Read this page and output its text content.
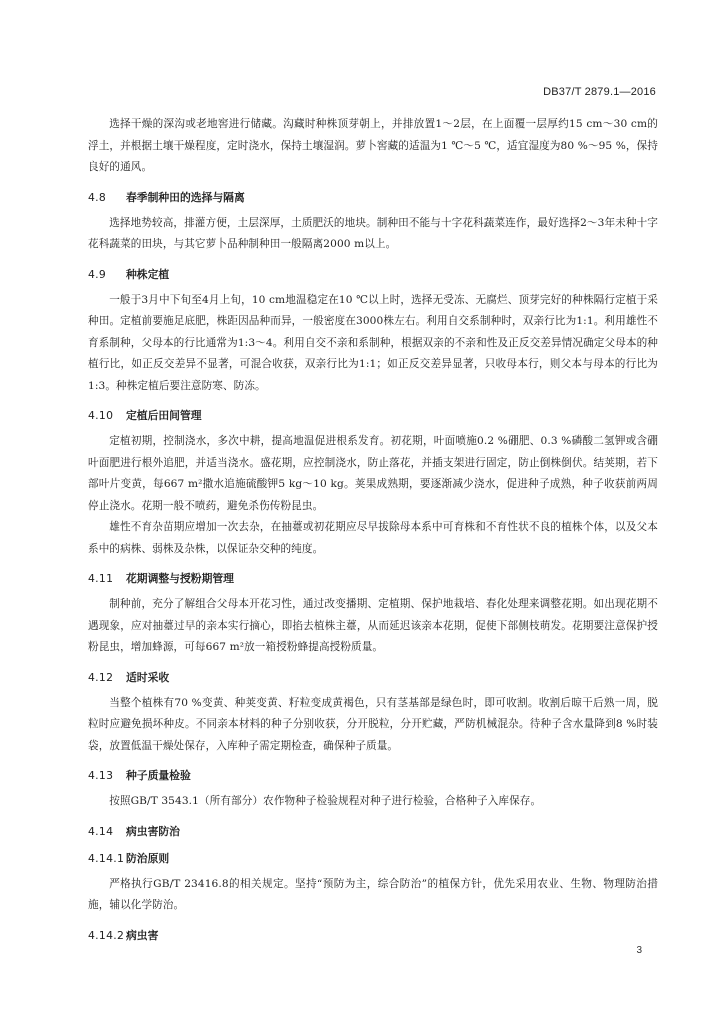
DB37/T 2879.1—2016

选择干燥的深沟或老地窖进行储藏。沟藏时种株顶芽朝上，并排放置1～2层，在上面覆一层厚约15 cm～30 cm的浮土，并根据土壤干燥程度，定时浇水，保持土壤湿润。萝卜窖藏的适温为1 ℃～5 ℃，适宜湿度为80 %～95 %，保持良好的通风。

4.8 春季制种田的选择与隔离

选择地势较高，排灌方便，土层深厚，土质肥沃的地块。制种田不能与十字花科蔬菜连作，最好选择2～3年未种十字花科蔬菜的田块，与其它萝卜品种制种田一般隔离2000 m以上。

4.9 种株定植

一般于3月中下旬至4月上旬，10 cm地温稳定在10 ℃以上时，选择无受冻、无腐烂、顶芽完好的种株隔行定植于采种田。定植前要施足底肥，株距因品种而异，一般密度在3000株左右。利用自交系制种时，双亲行比为1:1。利用雄性不育系制种，父母本的行比通常为1:3～4。利用自交不亲和系制种，根据双亲的不亲和性及正反交差异情况确定父母本的种植行比，如正反交差异不显著，可混合收获，双亲行比为1:1；如正反交差异显著，只收母本行，则父本与母本的行比为1:3。种株定植后要注意防寒、防冻。

4.10 定植后田间管理

定植初期，控制浇水，多次中耕，提高地温促进根系发育。初花期，叶面喷施0.2 %硼肥、0.3 %磷酸二氢钾或含硼叶面肥进行根外追肥，并适当浇水。盛花期，应控制浇水，防止落花，并插支架进行固定，防止倒株倒伏。结荚期，若下部叶片变黄，每667 m²撒水追施硫酸钾5 kg～10 kg。荚果成熟期，要逐渐减少浇水，促进种子成熟，种子收获前两周停止浇水。花期一般不喷药，避免杀伤传粉昆虫。

雄性不育杂苗期应增加一次去杂，在抽薹或初花期应尽早拔除母本系中可育株和不育性状不良的植株个体，以及父本系中的病株、弱株及杂株，以保证杂交种的纯度。

4.11 花期调整与授粉期管理

制种前，充分了解组合父母本开花习性，通过改变播期、定植期、保护地栽培、春化处理来调整花期。如出现花期不遇现象，应对抽薹过早的亲本实行摘心，即掐去植株主薹，从而延迟该亲本花期，促使下部侧枝萌发。花期要注意保护授粉昆虫，增加蜂源，可每667 m²放一箱授粉蜂提高授粉质量。

4.12 适时采收

当整个植株有70 %变黄、种荚变黄、籽粒变成黄褐色，只有茎基部是绿色时，即可收割。收割后晾干后熟一周，脱粒时应避免损坏种皮。不同亲本材料的种子分别收获，分开脱粒，分开贮藏，严防机械混杂。待种子含水量降到8 %时装袋，放置低温干燥处保存，入库种子需定期检查，确保种子质量。

4.13 种子质量检验

按照GB/T 3543.1（所有部分）农作物种子检验规程对种子进行检验，合格种子入库保存。

4.14 病虫害防治
4.14.1 防治原则

严格执行GB/T 23416.8的相关规定。坚持“预防为主，综合防治”的植保方针，优先采用农业、生物、物理防治措施，辅以化学防治。

4.14.2 病虫害
3
